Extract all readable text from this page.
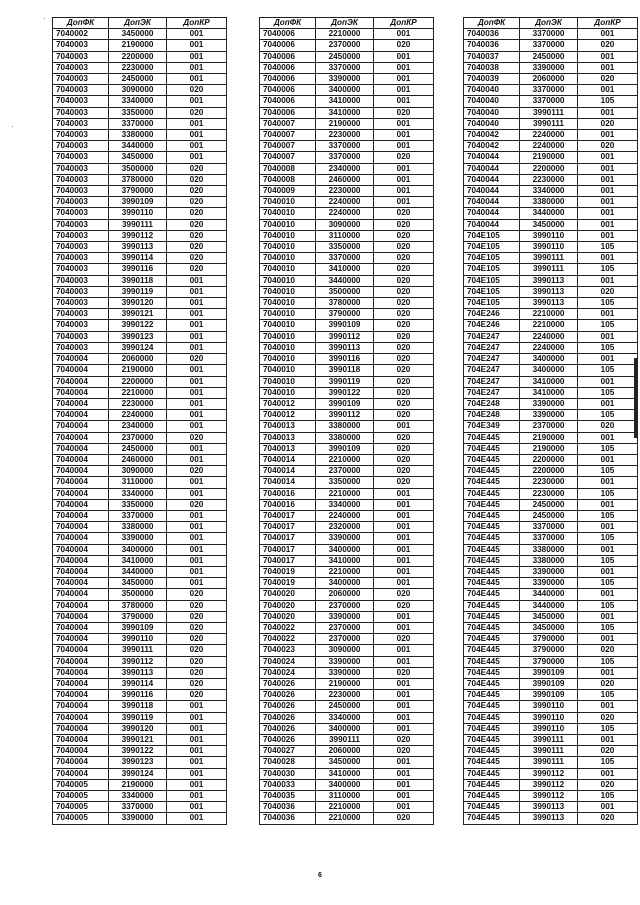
ДопФК	ДопЭК	ДопКР
7040002	3450000	001
7040003	2190000	001
7040003	2200000	001
7040003	2230000	001
7040003	2450000	001
7040003	3090000	020
7040003	3340000	001
7040003	3350000	020
7040003	3370000	001
7040003	3380000	001
7040003	3440000	001
7040003	3450000	001
7040003	3500000	020
7040003	3780000	020
7040003	3790000	020
7040003	3990109	020
7040003	3990110	020
7040003	3990111	020
7040003	3990112	020
7040003	3990113	020
7040003	3990114	020
7040003	3990116	020
7040003	3990118	001
7040003	3990119	001
7040003	3990120	001
7040003	3990121	001
7040003	3990122	001
7040003	3990123	001
7040003	3990124	001
7040004	2060000	020
7040004	2190000	001
7040004	2200000	001
7040004	2210000	001
7040004	2230000	001
7040004	2240000	001
7040004	2340000	001
7040004	2370000	020
7040004	2450000	001
7040004	2460000	001
7040004	3090000	020
7040004	3110000	001
7040004	3340000	001
7040004	3350000	020
7040004	3370000	001
7040004	3380000	001
7040004	3390000	001
7040004	3400000	001
7040004	3410000	001
7040004	3440000	001
7040004	3450000	001
7040004	3500000	020
7040004	3780000	020
7040004	3790000	020
7040004	3990109	020
7040004	3990110	020
7040004	3990111	020
7040004	3990112	020
7040004	3990113	020
7040004	3990114	020
7040004	3990116	020
7040004	3990118	001
7040004	3990119	001
7040004	3990120	001
7040004	3990121	001
7040004	3990122	001
7040004	3990123	001
7040004	3990124	001
7040005	2190000	001
7040005	3340000	001
7040005	3370000	001
7040005	3390000	001
ДопФК	ДопЭК	ДопКР
7040006	2210000	001
7040006	2370000	020
7040006	2450000	001
7040006	3370000	001
7040006	3390000	001
7040006	3400000	001
7040006	3410000	001
7040006	3410000	020
7040007	2190000	001
7040007	2230000	001
7040007	3370000	001
7040007	3370000	020
7040008	2340000	001
7040008	2460000	001
7040009	2230000	001
7040010	2240000	001
7040010	2240000	020
7040010	3090000	020
7040010	3110000	020
7040010	3350000	020
7040010	3370000	020
7040010	3410000	020
7040010	3440000	020
7040010	3500000	020
7040010	3780000	020
7040010	3790000	020
7040010	3990109	020
7040010	3990112	020
7040010	3990113	020
7040010	3990116	020
7040010	3990118	020
7040010	3990119	020
7040010	3990122	020
7040012	3990109	020
7040012	3990112	020
7040013	3380000	001
7040013	3380000	020
7040013	3990109	020
7040014	2210000	020
7040014	2370000	020
7040014	3350000	020
7040016	2210000	001
7040016	3340000	001
7040017	2240000	001
7040017	2320000	001
7040017	3390000	001
7040017	3400000	001
7040017	3410000	001
7040019	2210000	001
7040019	3400000	001
7040020	2060000	020
7040020	2370000	020
7040020	3390000	001
7040022	2370000	001
7040022	2370000	020
7040023	3090000	001
7040024	3390000	001
7040024	3390000	020
7040026	2190000	001
7040026	2230000	001
7040026	2450000	001
7040026	3340000	001
7040026	3400000	001
7040026	3990111	020
7040027	2060000	020
7040028	3450000	001
7040030	3410000	001
7040033	3400000	001
7040035	3110000	001
7040036	2210000	001
7040036	2210000	020
ДопФК	ДопЭК	ДопКР
7040036	3370000	001
7040036	3370000	020
7040037	2450000	001
7040038	3390000	001
7040039	2060000	020
7040040	3370000	001
7040040	3370000	105
7040040	3990111	001
7040040	3990111	020
7040042	2240000	001
7040042	2240000	020
7040044	2190000	001
7040044	2200000	001
7040044	2230000	001
7040044	3340000	001
7040044	3380000	001
7040044	3440000	001
7040044	3450000	001
704E105	3990110	001
704E105	3990110	105
704E105	3990111	001
704E105	3990111	105
704E105	3990113	001
704E105	3990113	020
704E105	3990113	105
704E246	2210000	001
704E246	2210000	105
704E247	2240000	001
704E247	2240000	105
704E247	3400000	001
704E247	3400000	105
704E247	3410000	001
704E247	3410000	105
704E248	3390000	001
704E248	3390000	105
704E349	2370000	020
704E445	2190000	001
704E445	2190000	105
704E445	2200000	001
704E445	2200000	105
704E445	2230000	001
704E445	2230000	105
704E445	2450000	001
704E445	2450000	105
704E445	3370000	001
704E445	3370000	105
704E445	3380000	001
704E445	3380000	105
704E445	3390000	001
704E445	3390000	105
704E445	3440000	001
704E445	3440000	105
704E445	3450000	001
704E445	3450000	105
704E445	3790000	001
704E445	3790000	020
704E445	3790000	105
704E445	3990109	001
704E445	3990109	020
704E445	3990109	105
704E445	3990110	001
704E445	3990110	020
704E445	3990110	105
704E445	3990111	001
704E445	3990111	020
704E445	3990111	105
704E445	3990112	001
704E445	3990112	020
704E445	3990112	105
704E445	3990113	001
704E445	3990113	020
6
·
·
